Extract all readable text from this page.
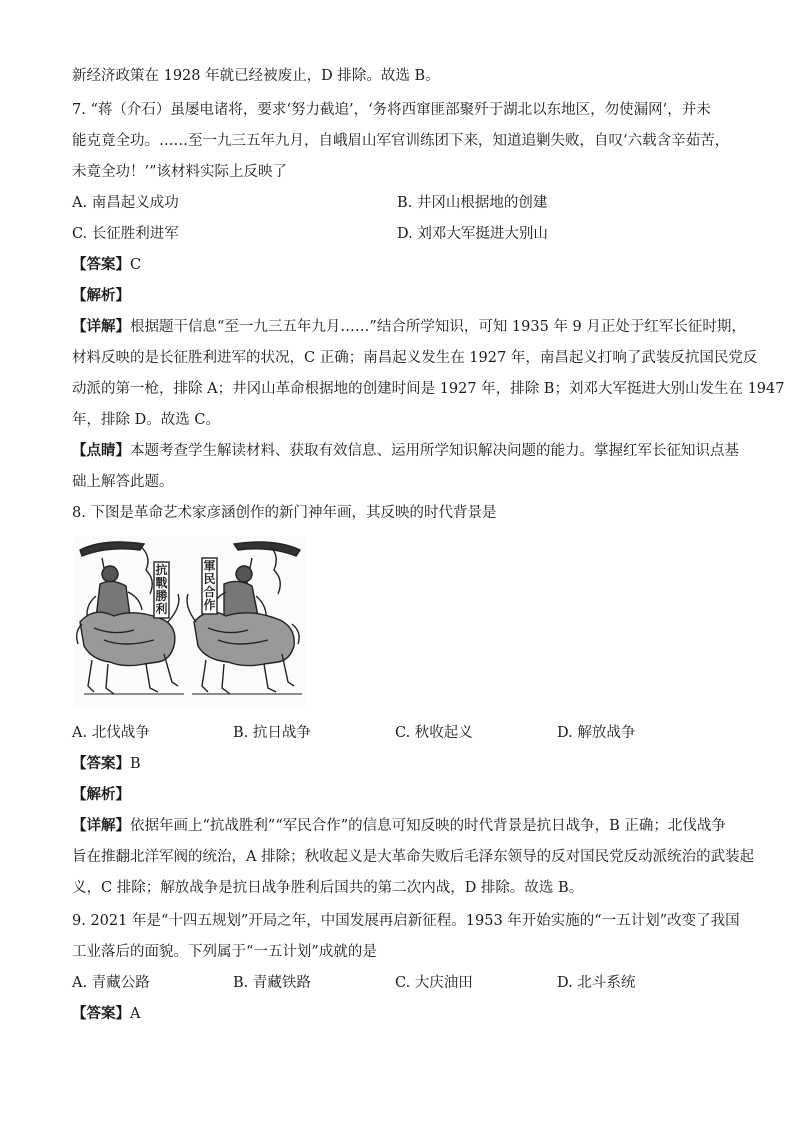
新经济政策在 1928 年就已经被废止，D 排除。故选 B。
7. “蒋（介石）虽屡电诸将，要求‘努力截追’，‘务将西窜匪部聚歼于湖北以东地区，勿使漏网’，并未
能克竟全功。……至一九三五年九月，自峨眉山军官训练团下来，知道追剿失败，自叹‘六载含辛茹苦，
未竟全功！’”该材料实际上反映了
A. 南昌起义成功	B. 井冈山根据地的创建
C. 长征胜利进军	D. 刘邓大军挺进大别山
【答案】C
【解析】
【详解】根据题干信息“至一九三五年九月……”结合所学知识，可知 1935 年 9 月正处于红军长征时期，
材料反映的是长征胜利进军的状况，C 正确；南昌起义发生在 1927 年，南昌起义打响了武装反抗国民党反
动派的第一枪，排除 A；井冈山革命根据地的创建时间是 1927 年，排除 B；刘邓大军挺进大别山发生在 1947
年，排除 D。故选 C。
【点睛】本题考查学生解读材料、获取有效信息、运用所学知识解决问题的能力。掌握红军长征知识点基
础上解答此题。
8. 下图是革命艺术家彦涵创作的新门神年画，其反映的时代背景是
抗戰勝利
軍民合作
A. 北伐战争	B. 抗日战争	C. 秋收起义	D. 解放战争
【答案】B
【解析】
【详解】依据年画上“抗战胜利”“军民合作”的信息可知反映的时代背景是抗日战争，B 正确；北伐战争
旨在推翻北洋军阀的统治，A 排除；秋收起义是大革命失败后毛泽东领导的反对国民党反动派统治的武装起
义，C 排除；解放战争是抗日战争胜利后国共的第二次内战，D 排除。故选 B。
9. 2021 年是“十四五规划”开局之年，中国发展再启新征程。1953 年开始实施的“一五计划”改变了我国
工业落后的面貌。下列属于“一五计划”成就的是
A. 青藏公路	B. 青藏铁路	C. 大庆油田	D. 北斗系统
【答案】A
